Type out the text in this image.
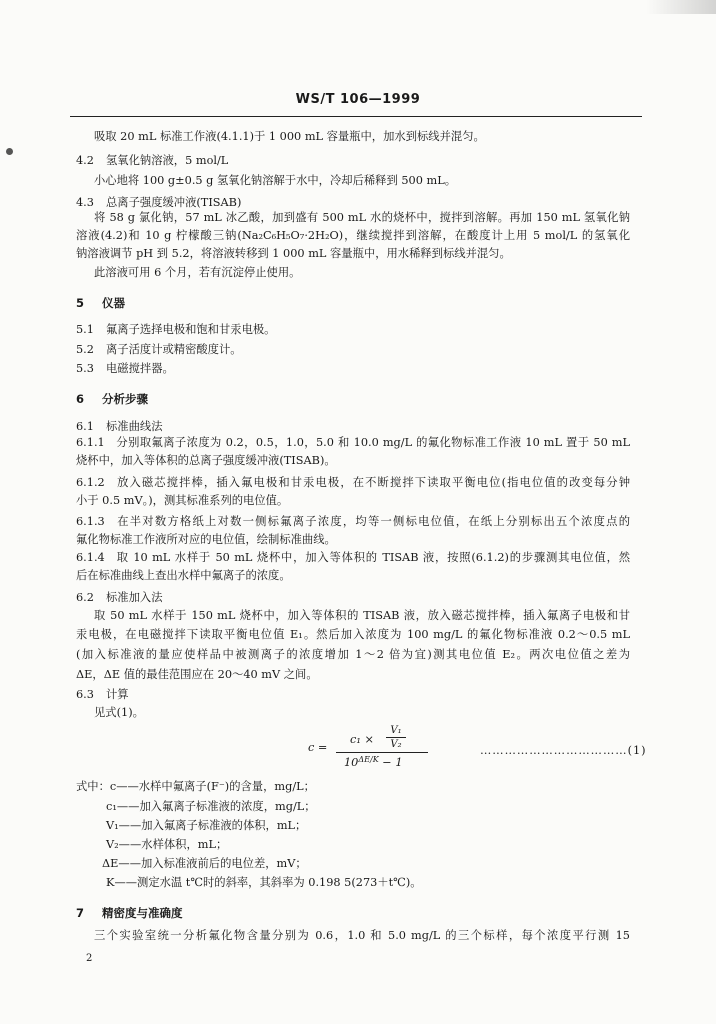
WS/T 106—1999
吸取 20 mL 标准工作液(4.1.1)于 1 000 mL 容量瓶中，加水到标线并混匀。
4.2 氢氧化钠溶液，5 mol/L
小心地将 100 g±0.5 g 氢氧化钠溶解于水中，冷却后稀释到 500 mL。
4.3 总离子强度缓冲液(TISAB)
将 58 g 氯化钠，57 mL 冰乙酸，加到盛有 500 mL 水的烧杯中，搅拌到溶解。再加 150 mL 氢氧化钠
溶液(4.2)和 10 g 柠檬酸三钠(Na₂C₆H₅O₇·2H₂O)，继续搅拌到溶解，在酸度计上用 5 mol/L 的氢氧化
钠溶液调节 pH 到 5.2，将溶液转移到 1 000 mL 容量瓶中，用水稀释到标线并混匀。
此溶液可用 6 个月，若有沉淀停止使用。
5 仪器
5.1 氟离子选择电极和饱和甘汞电极。
5.2 离子活度计或精密酸度计。
5.3 电磁搅拌器。
6 分析步骤
6.1 标准曲线法
6.1.1 分别取氟离子浓度为 0.2，0.5，1.0，5.0 和 10.0 mg/L 的氟化物标准工作液 10 mL 置于 50 mL
烧杯中，加入等体积的总离子强度缓冲液(TISAB)。
6.1.2 放入磁芯搅拌棒，插入氟电极和甘汞电极，在不断搅拌下读取平衡电位(指电位值的改变每分钟
小于 0.5 mV。)，测其标准系列的电位值。
6.1.3 在半对数方格纸上对数一侧标氟离子浓度，均等一侧标电位值，在纸上分别标出五个浓度点的
氟化物标准工作液所对应的电位值，绘制标准曲线。
6.1.4 取 10 mL 水样于 50 mL 烧杯中，加入等体积的 TISAB 液，按照(6.1.2)的步骤测其电位值，然
后在标准曲线上查出水样中氟离子的浓度。
6.2 标准加入法
取 50 mL 水样于 150 mL 烧杯中，加入等体积的 TISAB 液，放入磁芯搅拌棒，插入氟离子电极和甘
汞电极，在电磁搅拌下读取平衡电位值 E₁。然后加入浓度为 100 mg/L 的氟化物标准液 0.2～0.5 mL
(加入标准液的量应使样品中被测离子的浓度增加 1～2 倍为宜)测其电位值 E₂。两次电位值之差为
ΔE，ΔE 值的最佳范围应在 20～40 mV 之间。
6.3 计算
见式(1)。
c =
c₁ ×
V₁
V₂
$10^{\Delta E/K} - 1$
………………………………(1)
式中：c——水样中氟离子(F⁻)的含量，mg/L；
c₁——加入氟离子标准液的浓度，mg/L；
V₁——加入氟离子标准液的体积，mL；
V₂——水样体积，mL；
ΔE——加入标准液前后的电位差，mV；
K——测定水温 t℃时的斜率，其斜率为 0.198 5(273＋t℃)。
7 精密度与准确度
三个实验室统一分析氟化物含量分别为 0.6，1.0 和 5.0 mg/L 的三个标样，每个浓度平行测 15
2
